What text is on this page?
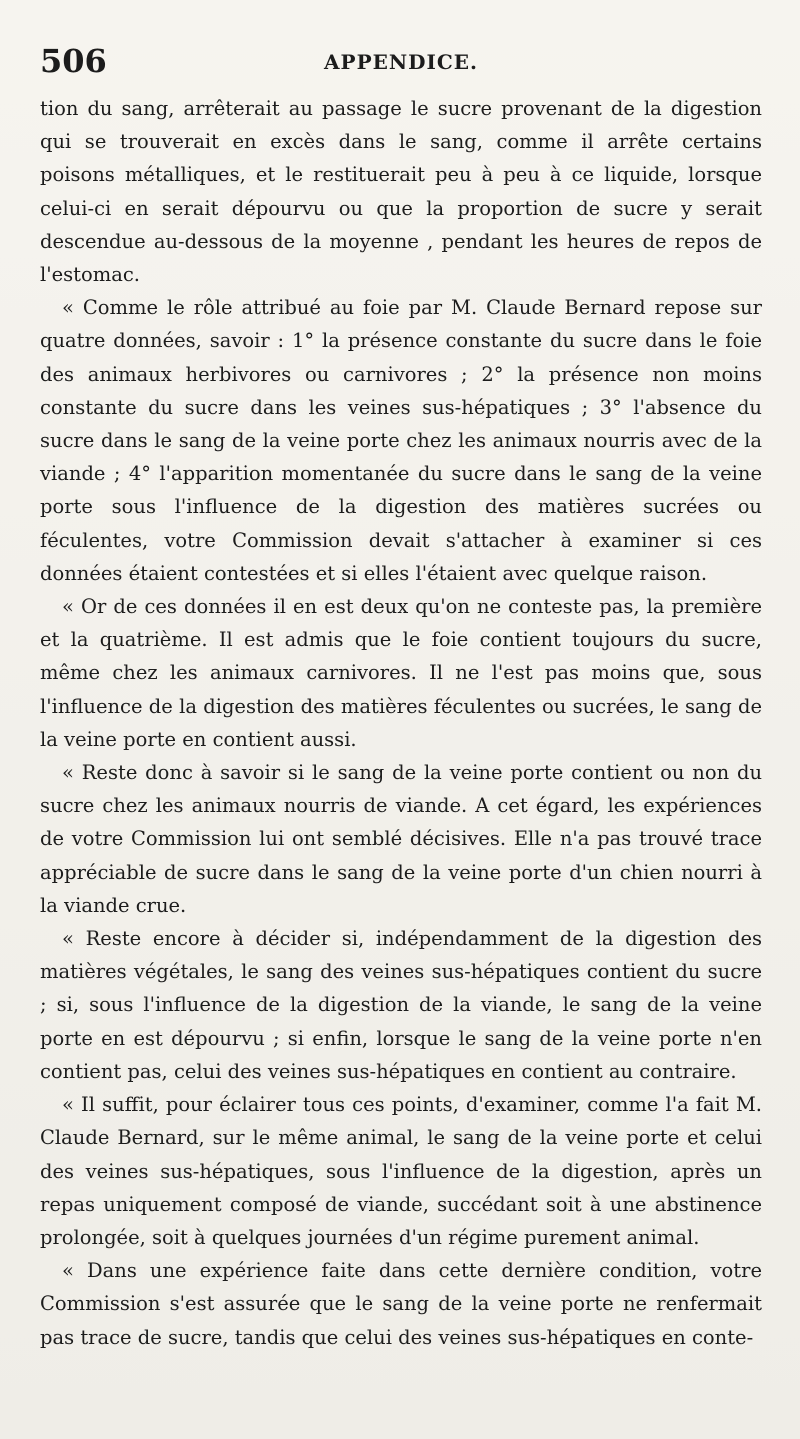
506	APPENDICE.

tion du sang, arrêterait au passage le sucre provenant de la digestion qui se trouverait en excès dans le sang, comme il arrête certains poisons métalliques, et le restituerait peu à peu à ce liquide, lorsque celui-ci en serait dépourvu ou que la proportion de sucre y serait descendue au-dessous de la moyenne , pendant les heures de repos de l'estomac.

« Comme le rôle attribué au foie par M. Claude Bernard repose sur quatre données, savoir : 1° la présence constante du sucre dans le foie des animaux herbivores ou carnivores ; 2° la présence non moins constante du sucre dans les veines sus-hépatiques ; 3° l'absence du sucre dans le sang de la veine porte chez les animaux nourris avec de la viande ; 4° l'apparition momentanée du sucre dans le sang de la veine porte sous l'influence de la digestion des matières sucrées ou féculentes, votre Commission devait s'attacher à examiner si ces données étaient contestées et si elles l'étaient avec quelque raison.

« Or de ces données il en est deux qu'on ne conteste pas, la première et la quatrième. Il est admis que le foie contient toujours du sucre, même chez les animaux carnivores. Il ne l'est pas moins que, sous l'influence de la digestion des matières féculentes ou sucrées, le sang de la veine porte en contient aussi.

« Reste donc à savoir si le sang de la veine porte contient ou non du sucre chez les animaux nourris de viande. A cet égard, les expériences de votre Commission lui ont semblé décisives. Elle n'a pas trouvé trace appréciable de sucre dans le sang de la veine porte d'un chien nourri à la viande crue.

« Reste encore à décider si, indépendamment de la digestion des matières végétales, le sang des veines sus-hépatiques contient du sucre ; si, sous l'influence de la digestion de la viande, le sang de la veine porte en est dépourvu ; si enfin, lorsque le sang de la veine porte n'en contient pas, celui des veines sus-hépatiques en contient au contraire.

« Il suffit, pour éclairer tous ces points, d'examiner, comme l'a fait M. Claude Bernard, sur le même animal, le sang de la veine porte et celui des veines sus-hépatiques, sous l'influence de la digestion, après un repas uniquement composé de viande, succédant soit à une abstinence prolongée, soit à quelques journées d'un régime purement animal.

« Dans une expérience faite dans cette dernière condition, votre Commission s'est assurée que le sang de la veine porte ne renfermait pas trace de sucre, tandis que celui des veines sus-hépatiques en conte-
